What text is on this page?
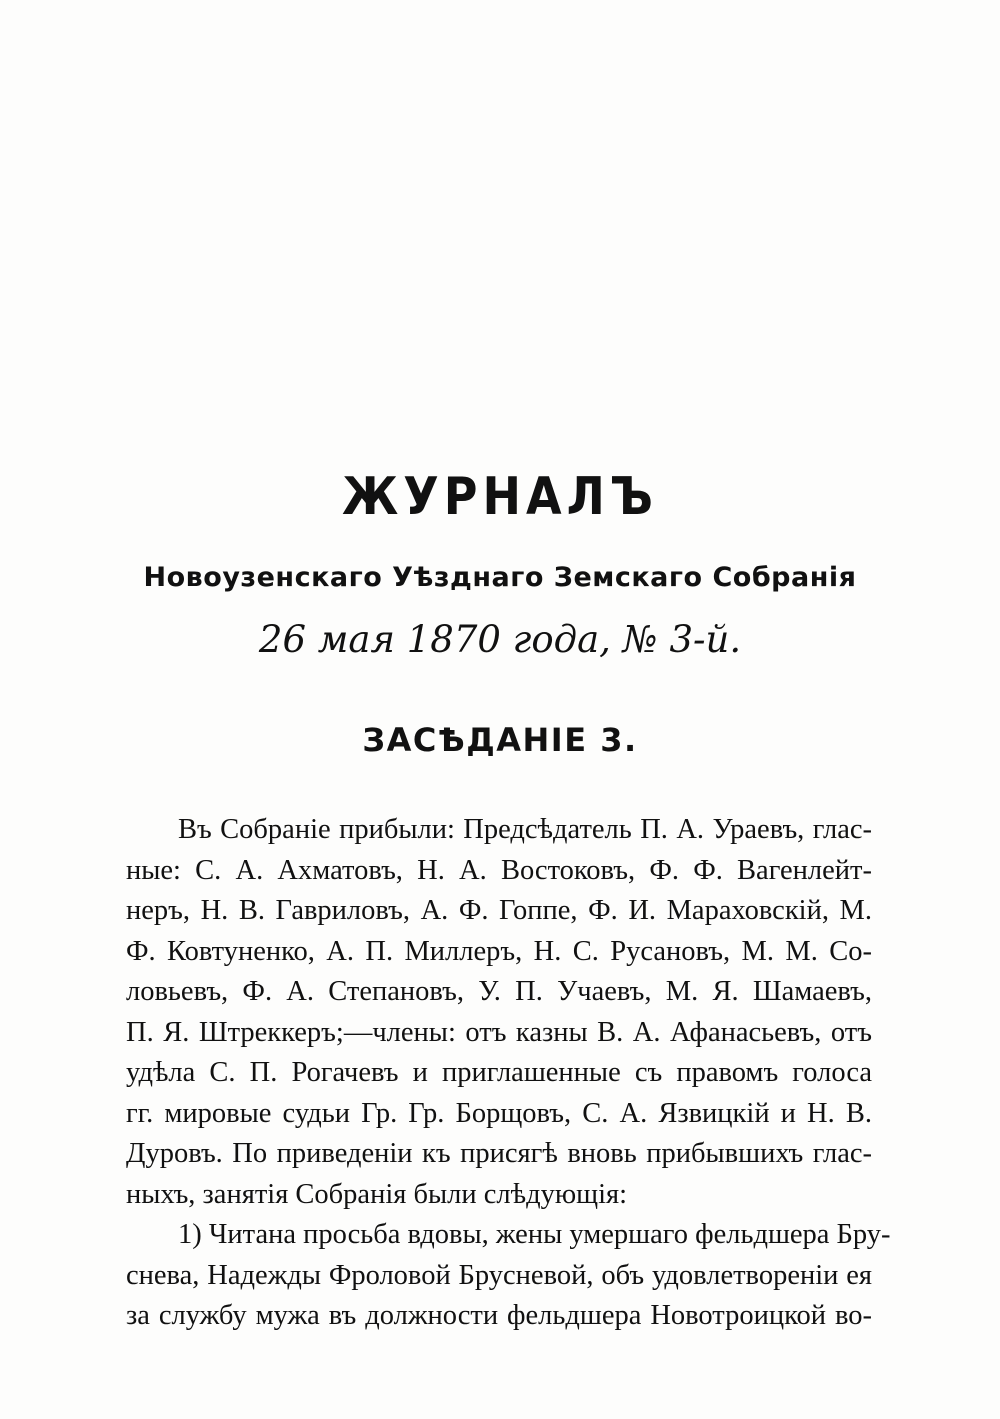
ЖУРНАЛЪ
Новоузенскаго Уѣзднаго Земскаго Собранія
26 мая 1870 года, № 3-й.
ЗАСѢДАНІЕ 3.
Въ Собраніе прибыли: Предсѣдатель П. А. Ураевъ, глас-
ные: С. А. Ахматовъ, Н. А. Востоковъ, Ф. Ф. Вагенлейт-
неръ, Н. В. Гавриловъ, А. Ф. Гоппе, Ф. И. Мараховскій, М.
Ф. Ковтуненко, А. П. Миллеръ, Н. С. Русановъ, М. М. Со-
ловьевъ, Ф. А. Степановъ, У. П. Учаевъ, М. Я. Шамаевъ,
П. Я. Штреккеръ;—члены: отъ казны В. А. Афанасьевъ, отъ
удѣла С. П. Рогачевъ и приглашенные съ правомъ голоса
гг. мировые судьи Гр. Гр. Борщовъ, С. А. Язвицкій и Н. В.
Дуровъ. По приведеніи къ присягѣ вновь прибывшихъ глас-
ныхъ, занятія Собранія были слѣдующія:
1) Читана просьба вдовы, жены умершаго фельдшера Бру-
снева, Надежды Фроловой Брусневой, объ удовлетвореніи ея
за службу мужа въ должности фельдшера Новотроицкой во-
